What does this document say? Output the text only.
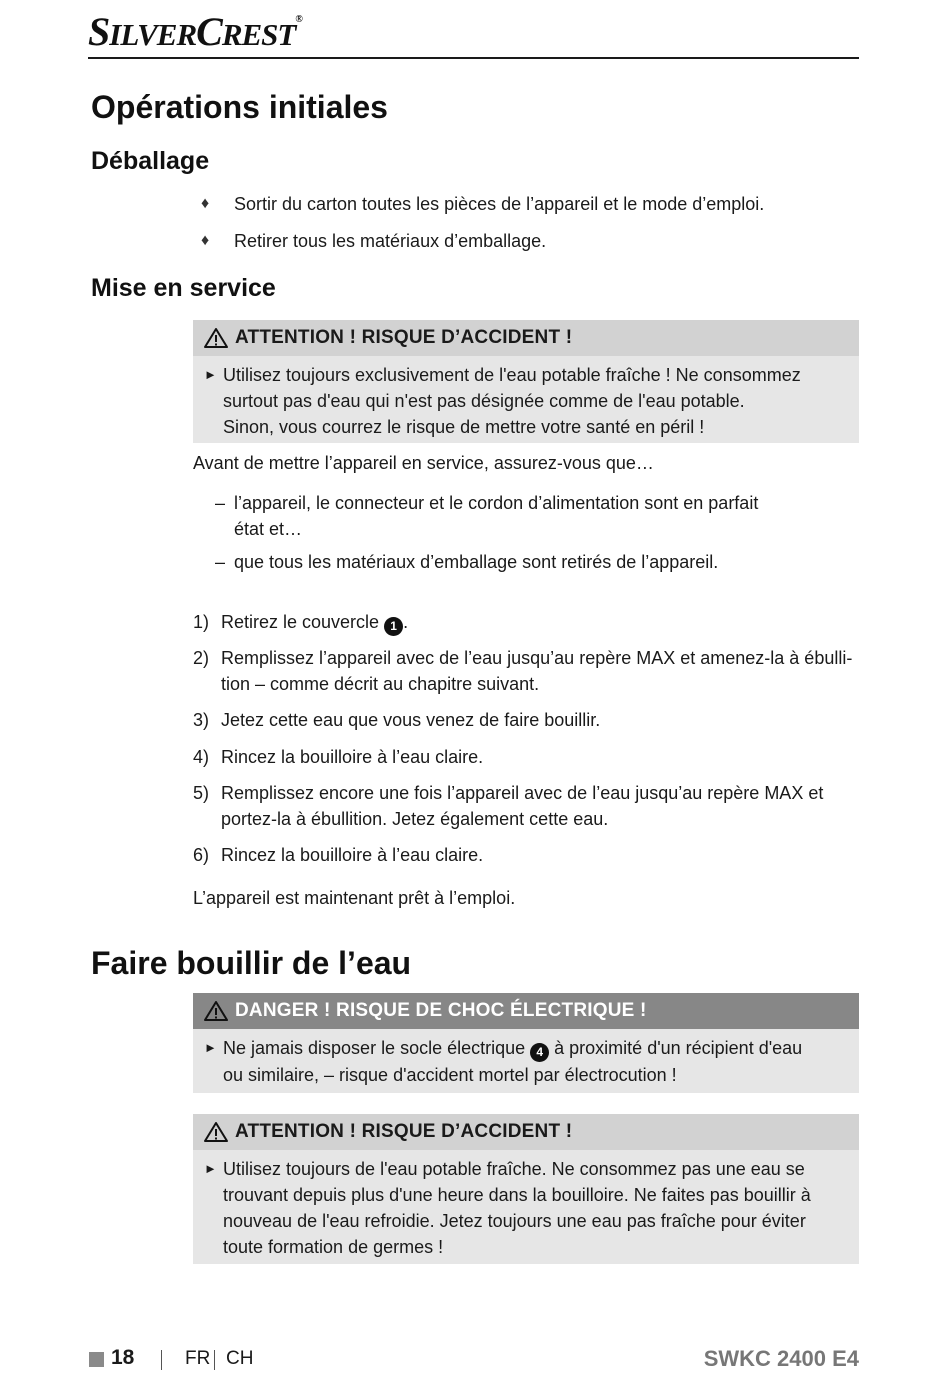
SILVERCREST®
Opérations initiales
Déballage
♦ Sortir du carton toutes les pièces de l’appareil et le mode d’emploi.
♦ Retirer tous les matériaux d’emballage.
Mise en service
ATTENTION ! RISQUE D’ACCIDENT !
► Utilisez toujours exclusivement de l'eau potable fraîche ! Ne consommez
surtout pas d'eau qui n'est pas désignée comme de l'eau potable.
Sinon, vous courrez le risque de mettre votre santé en péril !
Avant de mettre l’appareil en service, assurez-vous que…
– l’appareil, le connecteur et le cordon d’alimentation sont en parfait
état et…
– que tous les matériaux d’emballage sont retirés de l’appareil.
1) Retirez le couvercle 1 .
2) Remplissez l’appareil avec de l’eau jusqu’au repère MAX et amenez-la à ébulli-
tion – comme décrit au chapitre suivant.
3) Jetez cette eau que vous venez de faire bouillir.
4) Rincez la bouilloire à l’eau claire.
5) Remplissez encore une fois l’appareil avec de l’eau jusqu’au repère MAX et
portez-la à ébullition. Jetez également cette eau.
6) Rincez la bouilloire à l’eau claire.
L’appareil est maintenant prêt à l’emploi.
Faire bouillir de l’eau
DANGER ! RISQUE DE CHOC ÉLECTRIQUE !
► Ne jamais disposer le socle électrique 4 à proximité d'un récipient d'eau
ou similaire, – risque d'accident mortel par électrocution !
ATTENTION ! RISQUE D’ACCIDENT !
► Utilisez toujours de l'eau potable fraîche. Ne consommez pas une eau se
trouvant depuis plus d'une heure dans la bouilloire. Ne faites pas bouillir à
nouveau de l'eau refroidie. Jetez toujours une eau pas fraîche pour éviter
toute formation de germes !
18	FR CH	SWKC 2400 E4
